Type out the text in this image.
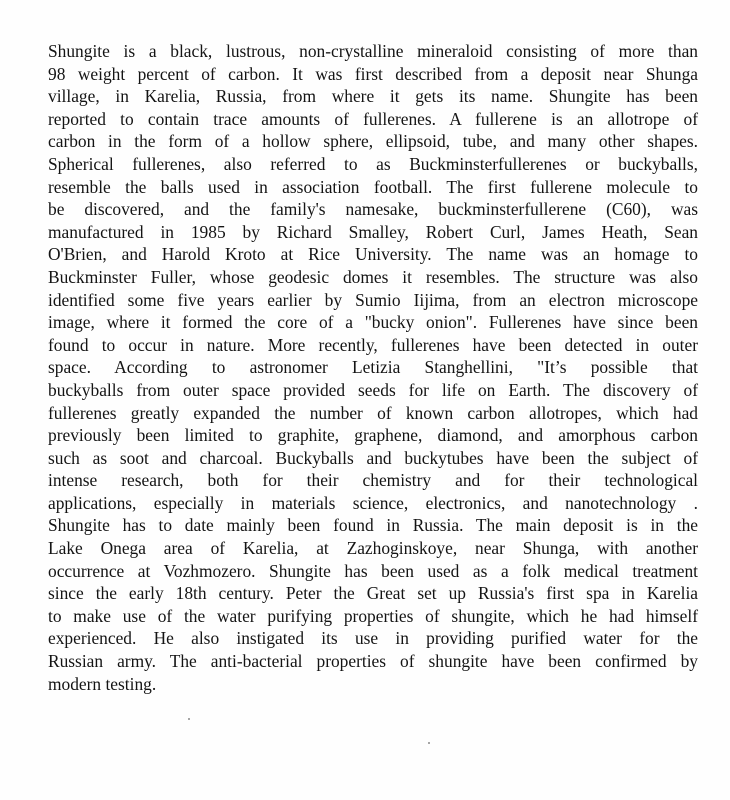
Shungite is a black, lustrous, non-crystalline mineraloid consisting of more than
98 weight percent of carbon. It was first described from a deposit near Shunga
village, in Karelia, Russia, from where it gets its name. Shungite has been
reported to contain trace amounts of fullerenes. A fullerene is an allotrope of
carbon in the form of a hollow sphere, ellipsoid, tube, and many other shapes.
Spherical fullerenes, also referred to as Buckminsterfullerenes or buckyballs,
resemble the balls used in association football. The first fullerene molecule to
be discovered, and the family's namesake, buckminsterfullerene (C60), was
manufactured in 1985 by Richard Smalley, Robert Curl, James Heath, Sean
O'Brien, and Harold Kroto at Rice University. The name was an homage to
Buckminster Fuller, whose geodesic domes it resembles. The structure was also
identified some five years earlier by Sumio Iijima, from an electron microscope
image, where it formed the core of a "bucky onion". Fullerenes have since been
found to occur in nature. More recently, fullerenes have been detected in outer
space. According to astronomer Letizia Stanghellini, "It’s possible that
buckyballs from outer space provided seeds for life on Earth. The discovery of
fullerenes greatly expanded the number of known carbon allotropes, which had
previously been limited to graphite, graphene, diamond, and amorphous carbon
such as soot and charcoal. Buckyballs and buckytubes have been the subject of
intense research, both for their chemistry and for their technological
applications, especially in materials science, electronics, and nanotechnology .
Shungite has to date mainly been found in Russia. The main deposit is in the
Lake Onega area of Karelia, at Zazhoginskoye, near Shunga, with another
occurrence at Vozhmozero. Shungite has been used as a folk medical treatment
since the early 18th century. Peter the Great set up Russia's first spa in Karelia
to make use of the water purifying properties of shungite, which he had himself
experienced. He also instigated its use in providing purified water for the
Russian army. The anti-bacterial properties of shungite have been confirmed by
modern testing.
